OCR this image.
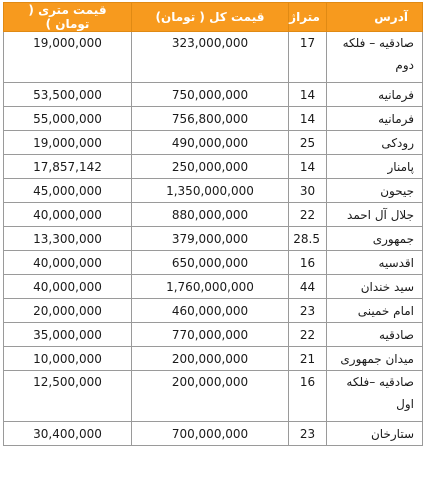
آدرس	متراژ	قیمت کل ( تومان)	قیمت متری ( تومان )
صادقیه – فلکه دوم	17	323,000,000	19,000,000
فرمانیه	14	750,000,000	53,500,000
فرمانیه	14	756,800,000	55,000,000
رودکی	25	490,000,000	19,000,000
پامنار	14	250,000,000	17,857,142
جیحون	30	1,350,000,000	45,000,000
جلال آل احمد	22	880,000,000	40,000,000
جمهوری	28.5	379,000,000	13,300,000
اقدسیه	16	650,000,000	40,000,000
سید خندان	44	1,760,000,000	40,000,000
امام خمینی	23	460,000,000	20,000,000
صادقیه	22	770,000,000	35,000,000
میدان جمهوری	21	200,000,000	10,000,000
صادقیه –فلکه اول	16	200,000,000	12,500,000
ستارخان	23	700,000,000	30,400,000
